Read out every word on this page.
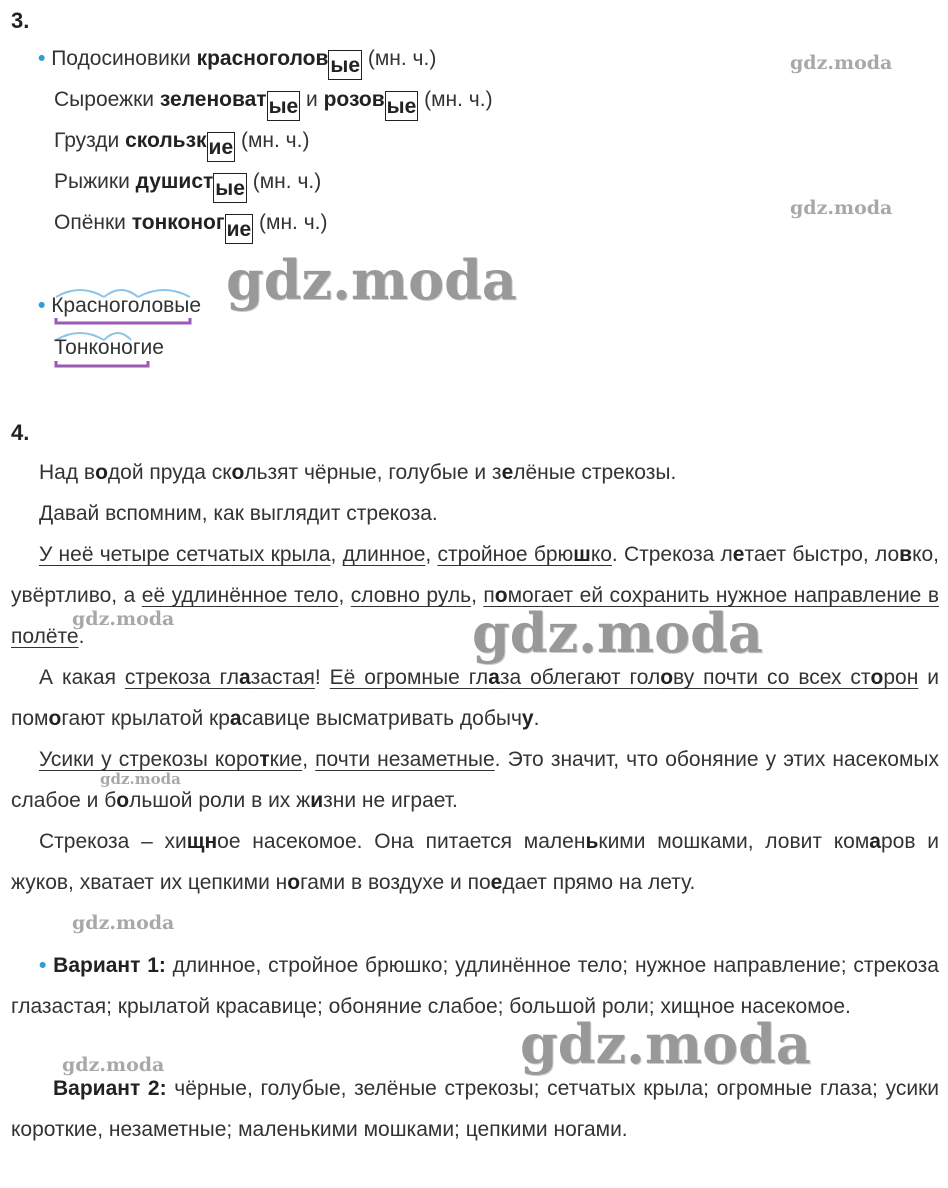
3.
• Подосиновики красноголовые (мн. ч.)
Сыроежки зеленоватые и розовые (мн. ч.)
Грузди скользкие (мн. ч.)
Рыжики душистые (мн. ч.)
Опёнки тонконогие (мн. ч.)
• Красноголовые
Тонконогие
4.
Над водой пруда скользят чёрные, голубые и зелёные стрекозы.
Давай вспомним, как выглядит стрекоза.
У неё четыре сетчатых крыла, длинное, стройное брюшко. Стрекоза летает быстро, ловко, увёртливо, а её удлинённое тело, словно руль, помогает ей сохранить нужное направление в полёте.
А какая стрекоза глазастая! Её огромные глаза облегают голову почти со всех сторон и помогают крылатой красавице высматривать добычу.
Усики у стрекозы короткие, почти незаметные. Это значит, что обоняние у этих насекомых слабое и большой роли в их жизни не играет.
Стрекоза – хищное насекомое. Она питается маленькими мошками, ловит комаров и жуков, хватает их цепкими ногами в воздухе и поедает прямо на лету.
• Вариант 1: длинное, стройное брюшко; удлинённое тело; нужное направление; стрекоза глазастая; крылатой красавице; обоняние слабое; большой роли; хищное насекомое.
Вариант 2: чёрные, голубые, зелёные стрекозы; сетчатых крыла; огромные глаза; усики короткие, незаметные; маленькими мошками; цепкими ногами.
gdz.moda
gdz.moda
gdz.moda
gdz.moda	gdz.moda
gdz.moda
gdz.moda
gdz.moda
gdz.moda
